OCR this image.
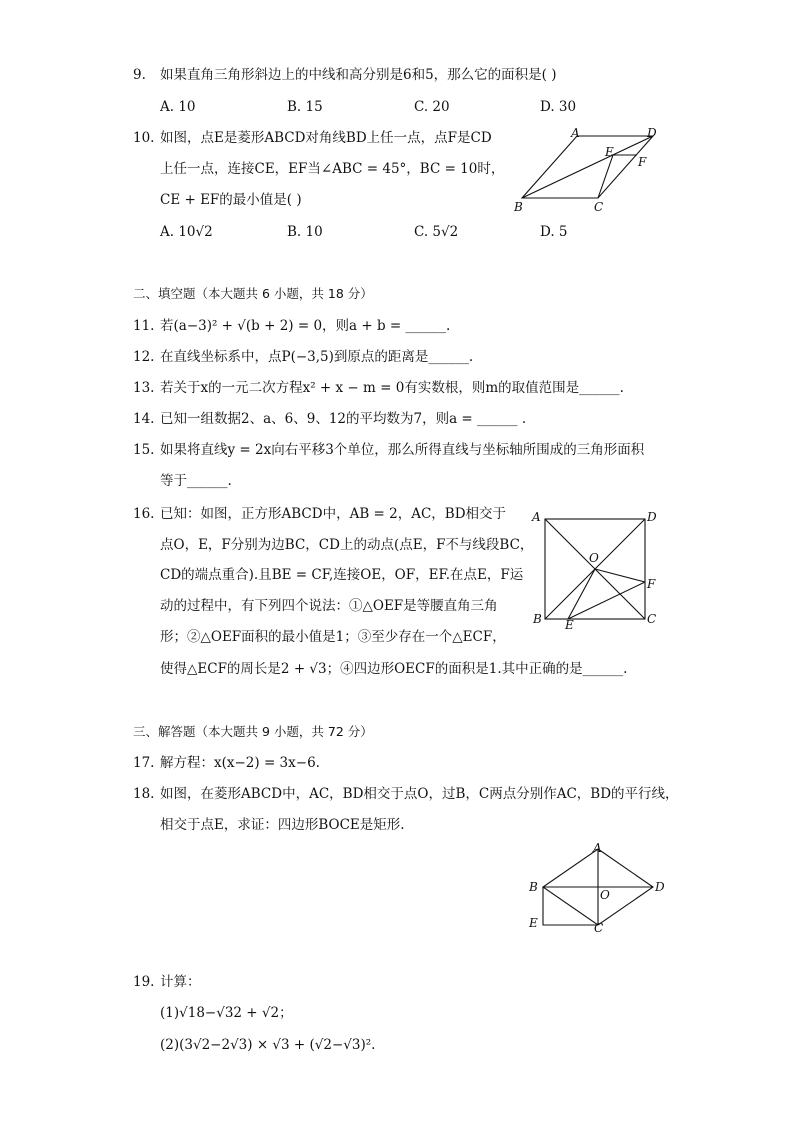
9. 如果直角三角形斜边上的中线和高分别是6和5，那么它的面积是( )
A. 10	B. 15	C. 20	D. 30
10. 如图，点E是菱形ABCD对角线BD上任一点，点F是CD
上任一点，连接CE，EF当∠ABC = 45°，BC = 10时，
CE + EF的最小值是( )
A. 10√2	B. 10	C. 5√2	D. 5
A	D
E
F
B	C
二、填空题（本大题共 6 小题，共 18 分）
11. 若(a−3)² + √(b + 2) = 0，则a + b = ______.
12. 在直线坐标系中，点P(−3,5)到原点的距离是______.
13. 若关于x的一元二次方程x² + x − m = 0有实数根，则m的取值范围是______.
14. 已知一组数据2、a、6、9、12的平均数为7，则a = ______ .
15. 如果将直线y = 2x向右平移3个单位，那么所得直线与坐标轴所围成的三角形面积
等于______.
16. 已知：如图，正方形ABCD中，AB = 2，AC，BD相交于
点O，E，F分别为边BC，CD上的动点(点E，F不与线段BC，
CD的端点重合).且BE = CF,连接OE，OF，EF.在点E，F运
动的过程中，有下列四个说法：①△OEF是等腰直角三角
形；②△OEF面积的最小值是1；③至少存在一个△ECF，
使得△ECF的周长是2 + √3；④四边形OECF的面积是1.其中正确的是______.
A	D
O
F
B E	C
三、解答题（本大题共 9 小题，共 72 分）
17. 解方程：x(x−2) = 3x−6.
18. 如图，在菱形ABCD中，AC，BD相交于点O，过B，C两点分别作AC，BD的平行线，
相交于点E，求证：四边形BOCE是矩形.
A
B	D
O
E	C
19. 计算：
(1)√18−√32 + √2；
(2)(3√2−2√3) × √3 + (√2−√3)².
